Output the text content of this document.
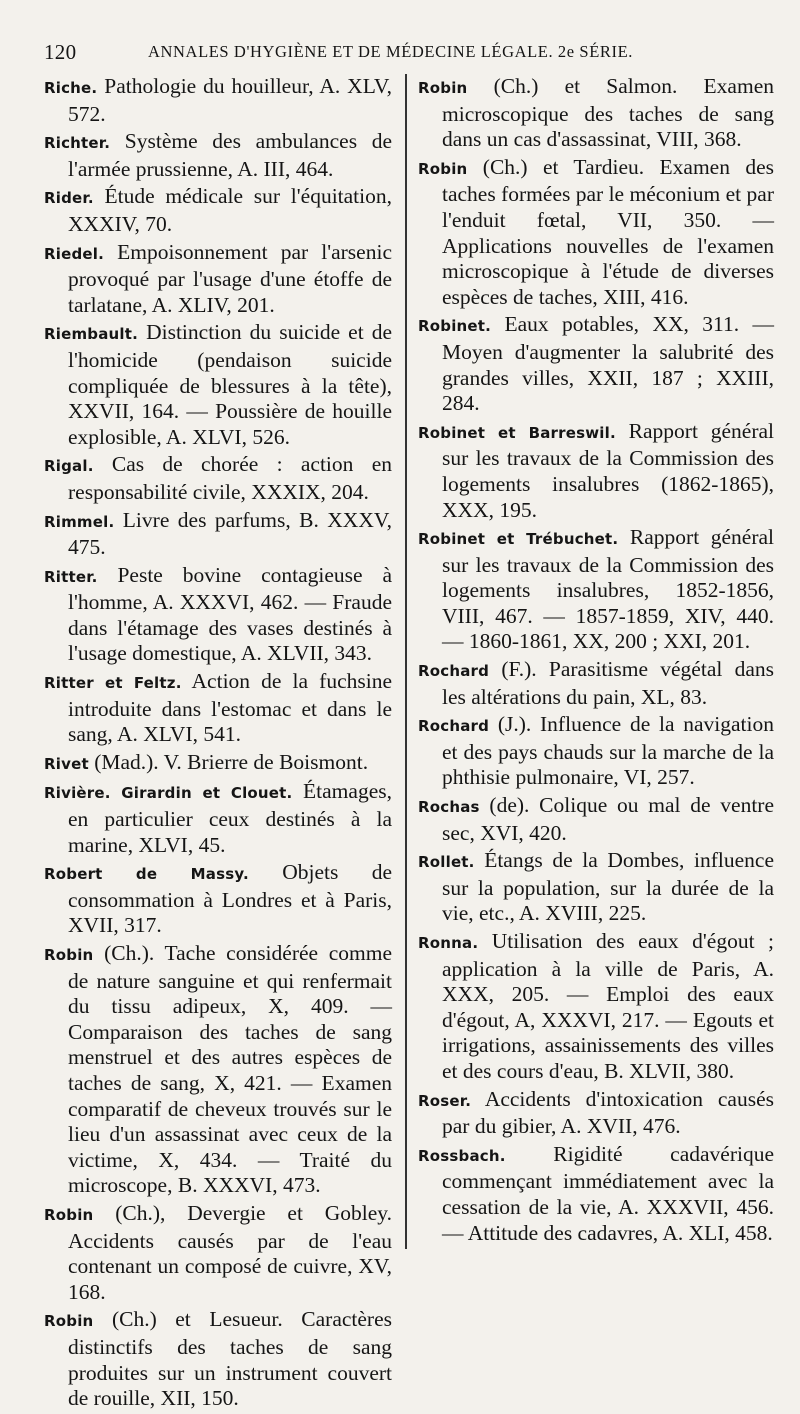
120	ANNALES D'HYGIÈNE ET DE MÉDECINE LÉGALE. 2e SÉRIE.

Riche. Pathologie du houilleur, A. XLV, 572.

Richter. Système des ambulances de l'armée prussienne, A. III, 464.

Rider. Étude médicale sur l'équitation, XXXIV, 70.

Riedel. Empoisonnement par l'arsenic provoqué par l'usage d'une étoffe de tarlatane, A. XLIV, 201.

Riembault. Distinction du suicide et de l'homicide (pendaison suicide compliquée de blessures à la tête), XXVII, 164. — Poussière de houille explosible, A. XLVI, 526.

Rigal. Cas de chorée : action en responsabilité civile, XXXIX, 204.

Rimmel. Livre des parfums, B. XXXV, 475.

Ritter. Peste bovine contagieuse à l'homme, A. XXXVI, 462. — Fraude dans l'étamage des vases destinés à l'usage domestique, A. XLVII, 343.

Ritter et Feltz. Action de la fuchsine introduite dans l'estomac et dans le sang, A. XLVI, 541.

Rivet (Mad.). V. Brierre de Boismont.

Rivière. Girardin et Clouet. Étamages, en particulier ceux destinés à la marine, XLVI, 45.

Robert de Massy. Objets de consommation à Londres et à Paris, XVII, 317.

Robin (Ch.). Tache considérée comme de nature sanguine et qui renfermait du tissu adipeux, X, 409. — Comparaison des taches de sang menstruel et des autres espèces de taches de sang, X, 421. — Examen comparatif de cheveux trouvés sur le lieu d'un assassinat avec ceux de la victime, X, 434. — Traité du microscope, B. XXXVI, 473.

Robin (Ch.), Devergie et Gobley. Accidents causés par de l'eau contenant un composé de cuivre, XV, 168.

Robin (Ch.) et Lesueur. Caractères distinctifs des taches de sang produites sur un instrument couvert de rouille, XII, 150.

Robin (Ch.) et Salmon. Examen microscopique des taches de sang dans un cas d'assassinat, VIII, 368.

Robin (Ch.) et Tardieu. Examen des taches formées par le méconium et par l'enduit fœtal, VII, 350. — Applications nouvelles de l'examen microscopique à l'étude de diverses espèces de taches, XIII, 416.

Robinet. Eaux potables, XX, 311. — Moyen d'augmenter la salubrité des grandes villes, XXII, 187 ; XXIII, 284.

Robinet et Barreswil. Rapport général sur les travaux de la Commission des logements insalubres (1862-1865), XXX, 195.

Robinet et Trébuchet. Rapport général sur les travaux de la Commission des logements insalubres, 1852-1856, VIII, 467. — 1857-1859, XIV, 440. — 1860-1861, XX, 200 ; XXI, 201.

Rochard (F.). Parasitisme végétal dans les altérations du pain, XL, 83.

Rochard (J.). Influence de la navigation et des pays chauds sur la marche de la phthisie pulmonaire, VI, 257.

Rochas (de). Colique ou mal de ventre sec, XVI, 420.

Rollet. Étangs de la Dombes, influence sur la population, sur la durée de la vie, etc., A. XVIII, 225.

Ronna. Utilisation des eaux d'égout ; application à la ville de Paris, A. XXX, 205. — Emploi des eaux d'égout, A, XXXVI, 217. — Egouts et irrigations, assainissements des villes et des cours d'eau, B. XLVII, 380.

Roser. Accidents d'intoxication causés par du gibier, A. XVII, 476.

Rossbach. Rigidité cadavérique commençant immédiatement avec la cessation de la vie, A. XXXVII, 456. — Attitude des cadavres, A. XLI, 458.
